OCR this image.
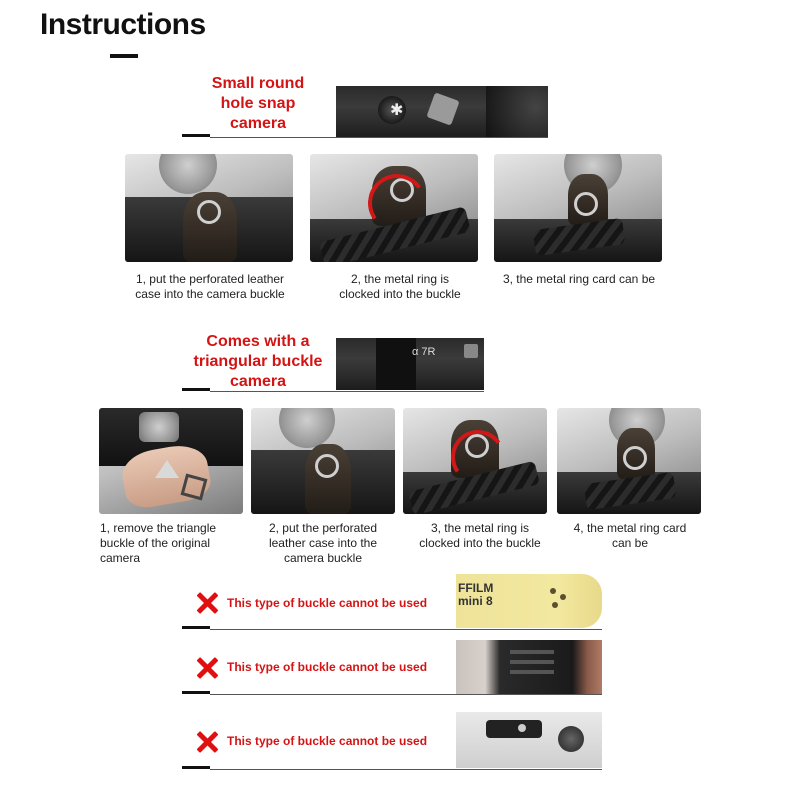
Instructions
Small round
hole snap
camera
✱
1, put the perforated leather
case into the camera buckle
2, the metal ring is
clocked into the buckle
3, the metal ring card can be
Comes with a
triangular buckle
camera
α 7R
1, remove the triangle
buckle of the original
camera
2, put the perforated
leather case into the
camera buckle
3, the metal ring is
clocked into the buckle
4, the metal ring card
can be
This type of buckle cannot be used
FFILM
mini 8
This type of buckle cannot be used
This type of buckle cannot be used
